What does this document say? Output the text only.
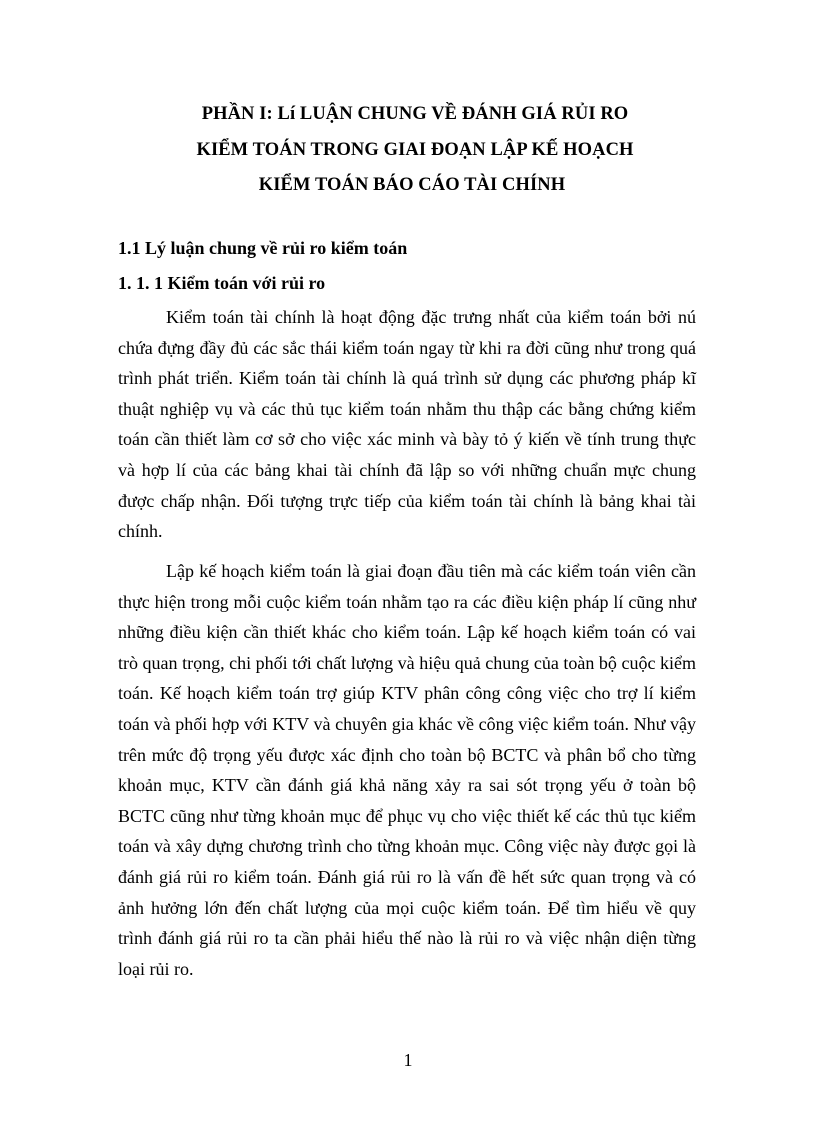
PHẦN I: Lí LUẬN CHUNG VỀ ĐÁNH GIÁ RỦI RO
KIỂM TOÁN TRONG GIAI ĐOẠN LẬP KẾ HOẠCH
KIỂM TOÁN BÁO CÁO TÀI CHÍNH
1.1 Lý luận chung về rủi ro kiểm toán
1. 1. 1 Kiểm toán với rủi ro

Kiểm toán tài chính là hoạt động đặc trưng nhất của kiểm toán bởi nú chứa đựng đầy đủ các sắc thái kiểm toán ngay từ khi ra đời cũng như trong quá trình phát triển. Kiểm toán tài chính là quá trình sử dụng các phương pháp kĩ thuật nghiệp vụ và các thủ tục kiểm toán nhằm thu thập các bằng chứng kiểm toán cần thiết làm cơ sở cho việc xác minh và bày tỏ ý kiến về tính trung thực và hợp lí của các bảng khai tài chính đã lập so với những chuẩn mực chung được chấp nhận. Đối tượng trực tiếp của kiểm toán tài chính là bảng khai tài chính.

Lập kế hoạch kiểm toán là giai đoạn đầu tiên mà các kiểm toán viên cần thực hiện trong mỗi cuộc kiểm toán nhằm tạo ra các điều kiện pháp lí cũng như những điều kiện cần thiết khác cho kiểm toán. Lập kế hoạch kiểm toán có vai trò quan trọng, chi phối tới chất lượng và hiệu quả chung của toàn bộ cuộc kiểm toán. Kế hoạch kiểm toán trợ giúp KTV phân công công việc cho trợ lí kiểm toán và phối hợp với KTV và chuyên gia khác về công việc kiểm toán. Như vậy trên mức độ trọng yếu được xác định cho toàn bộ BCTC và phân bổ cho từng khoản mục, KTV cần đánh giá khả năng xảy ra sai sót trọng yếu ở toàn bộ BCTC cũng như từng khoản mục để phục vụ cho việc thiết kế các thủ tục kiểm toán và xây dựng chương trình cho từng khoản mục. Công việc này được gọi là đánh giá rủi ro kiểm toán. Đánh giá rủi ro là vấn đề hết sức quan trọng và có ảnh hưởng lớn đến chất lượng của mọi cuộc kiểm toán. Để tìm hiểu về quy trình đánh giá rủi ro ta cần phải hiểu thế nào là rủi ro và việc nhận diện từng loại rủi ro.

1
